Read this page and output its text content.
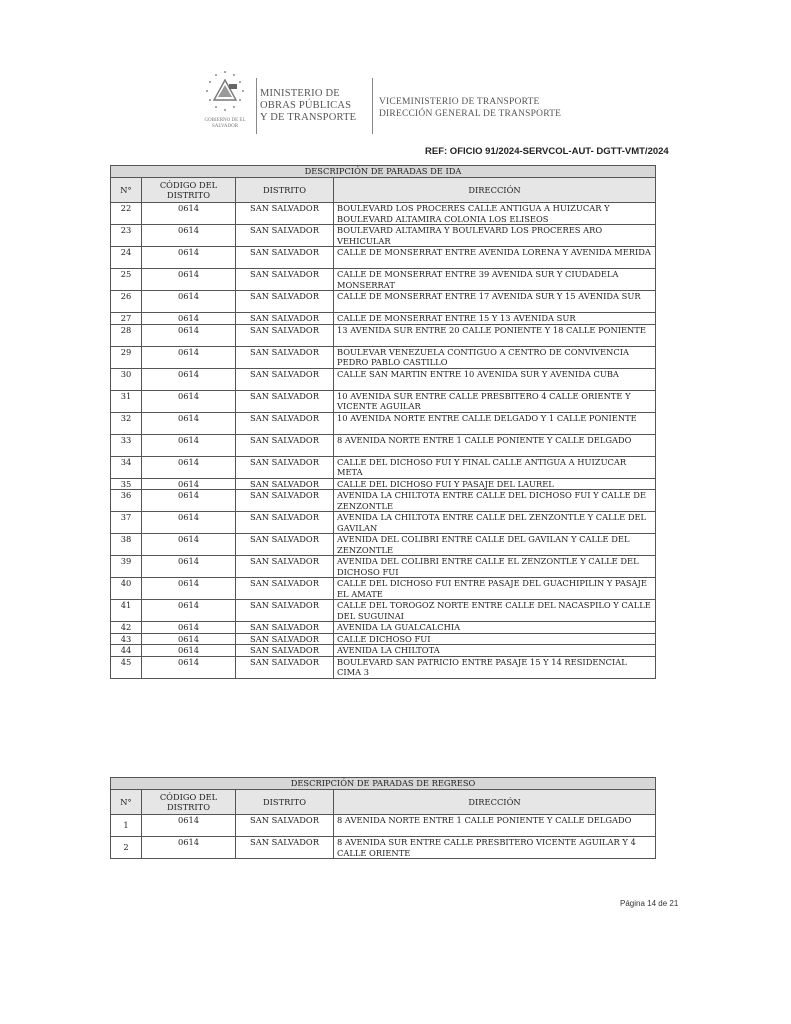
GOBIERNO DE EL SALVADOR
MINISTERIO DE
OBRAS PÚBLICAS
Y DE TRANSPORTE
VICEMINISTERIO DE TRANSPORTE
DIRECCIÓN GENERAL DE TRANSPORTE
REF: OFICIO 91/2024-SERVCOL-AUT- DGTT-VMT/2024
DESCRIPCIÓN DE PARADAS DE IDA			
N°	CÓDIGO DEL DISTRITO	DISTRITO	DIRECCIÓN
22	0614	SAN SALVADOR	BOULEVARD LOS PROCERES CALLE ANTIGUA A HUIZUCAR Y BOULEVARD ALTAMIRA COLONIA LOS ELISEOS
23	0614	SAN SALVADOR	BOULEVARD ALTAMIRA Y BOULEVARD LOS PROCERES ARO VEHICULAR
24	0614	SAN SALVADOR	CALLE DE MONSERRAT ENTRE AVENIDA LORENA Y AVENIDA MERIDA
25	0614	SAN SALVADOR	CALLE DE MONSERRAT ENTRE 39 AVENIDA SUR Y CIUDADELA MONSERRAT
26	0614	SAN SALVADOR	CALLE DE MONSERRAT ENTRE 17 AVENIDA SUR Y 15 AVENIDA SUR
27	0614	SAN SALVADOR	CALLE DE MONSERRAT ENTRE 15 Y 13 AVENIDA SUR
28	0614	SAN SALVADOR	13 AVENIDA SUR ENTRE 20 CALLE PONIENTE Y 18 CALLE PONIENTE
29	0614	SAN SALVADOR	BOULEVAR VENEZUELA CONTIGUO A CENTRO DE CONVIVENCIA PEDRO PABLO CASTILLO
30	0614	SAN SALVADOR	CALLE SAN MARTIN ENTRE 10 AVENIDA SUR Y AVENIDA CUBA
31	0614	SAN SALVADOR	10 AVENIDA SUR ENTRE CALLE PRESBITERO 4 CALLE ORIENTE Y VICENTE AGUILAR
32	0614	SAN SALVADOR	10 AVENIDA NORTE ENTRE CALLE DELGADO Y 1 CALLE PONIENTE
33	0614	SAN SALVADOR	8 AVENIDA NORTE ENTRE 1 CALLE PONIENTE Y CALLE DELGADO
34	0614	SAN SALVADOR	CALLE DEL DICHOSO FUI Y FINAL CALLE ANTIGUA A HUIZUCAR META
35	0614	SAN SALVADOR	CALLE DEL DICHOSO FUI Y PASAJE DEL LAUREL
36	0614	SAN SALVADOR	AVENIDA LA CHILTOTA ENTRE CALLE DEL DICHOSO FUI Y CALLE DE ZENZONTLE
37	0614	SAN SALVADOR	AVENIDA LA CHILTOTA ENTRE CALLE DEL ZENZONTLE Y CALLE DEL GAVILAN
38	0614	SAN SALVADOR	AVENIDA DEL COLIBRI ENTRE CALLE DEL GAVILAN Y CALLE DEL ZENZONTLE
39	0614	SAN SALVADOR	AVENIDA DEL COLIBRI ENTRE CALLE EL ZENZONTLE Y CALLE DEL DICHOSO FUI
40	0614	SAN SALVADOR	CALLE DEL DICHOSO FUI ENTRE PASAJE DEL GUACHIPILIN Y PASAJE EL AMATE
41	0614	SAN SALVADOR	CALLE DEL TOROGOZ NORTE ENTRE CALLE DEL NACASPILO Y CALLE DEL SUGUINAI
42	0614	SAN SALVADOR	AVENIDA LA GUALCALCHIA
43	0614	SAN SALVADOR	CALLE DICHOSO FUI
44	0614	SAN SALVADOR	AVENIDA LA CHILTOTA
45	0614	SAN SALVADOR	BOULEVARD SAN PATRICIO ENTRE PASAJE 15 Y 14 RESIDENCIAL CIMA 3
DESCRIPCIÓN DE PARADAS DE REGRESO			
N°	CÓDIGO DEL DISTRITO	DISTRITO	DIRECCIÓN
1	0614	SAN SALVADOR	8 AVENIDA NORTE ENTRE 1 CALLE PONIENTE Y CALLE DELGADO
2	0614	SAN SALVADOR	8 AVENIDA SUR ENTRE CALLE PRESBITERO VICENTE AGUILAR Y 4 CALLE ORIENTE
Página 14 de 21
